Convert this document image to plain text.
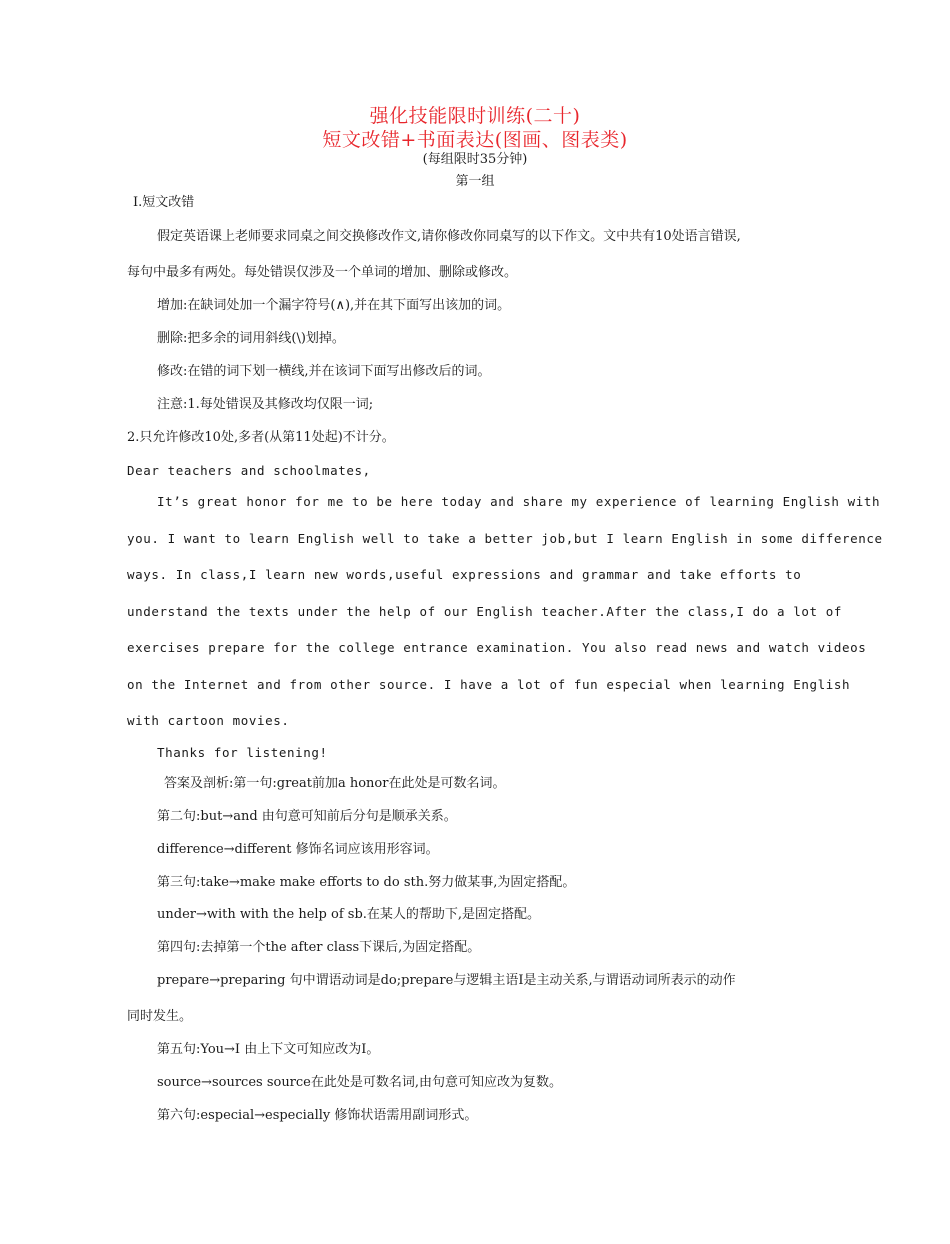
强化技能限时训练(二十)
短文改错+书面表达(图画、图表类)
(每组限时35分钟)
第一组
Ⅰ.短文改错
假定英语课上老师要求同桌之间交换修改作文,请你修改你同桌写的以下作文。文中共有10处语言错误,
每句中最多有两处。每处错误仅涉及一个单词的增加、删除或修改。
增加:在缺词处加一个漏字符号(∧),并在其下面写出该加的词。
删除:把多余的词用斜线(\)划掉。
修改:在错的词下划一横线,并在该词下面写出修改后的词。
注意:1.每处错误及其修改均仅限一词;
2.只允许修改10处,多者(从第11处起)不计分。
Dear teachers and schoolmates,
It’s great honor for me to be here today and share my experience of learning English with
you. I want to learn English well to take a better job,but I learn English in some difference
ways. In class,I learn new words,useful expressions and grammar and take efforts to
understand the texts under the help of our English teacher.After the class,I do a lot of
exercises prepare for the college entrance examination. You also read news and watch videos
on the Internet and from other source. I have a lot of fun especial when learning English
with cartoon movies.
Thanks for listening!
答案及剖析:第一句:great前加a honor在此处是可数名词。
第二句:but→and 由句意可知前后分句是顺承关系。
difference→different 修饰名词应该用形容词。
第三句:take→make make efforts to do sth.努力做某事,为固定搭配。
under→with with the help of sb.在某人的帮助下,是固定搭配。
第四句:去掉第一个the after class下课后,为固定搭配。
prepare→preparing 句中谓语动词是do;prepare与逻辑主语I是主动关系,与谓语动词所表示的动作
同时发生。
第五句:You→I 由上下文可知应改为I。
source→sources source在此处是可数名词,由句意可知应改为复数。
第六句:especial→especially 修饰状语需用副词形式。
